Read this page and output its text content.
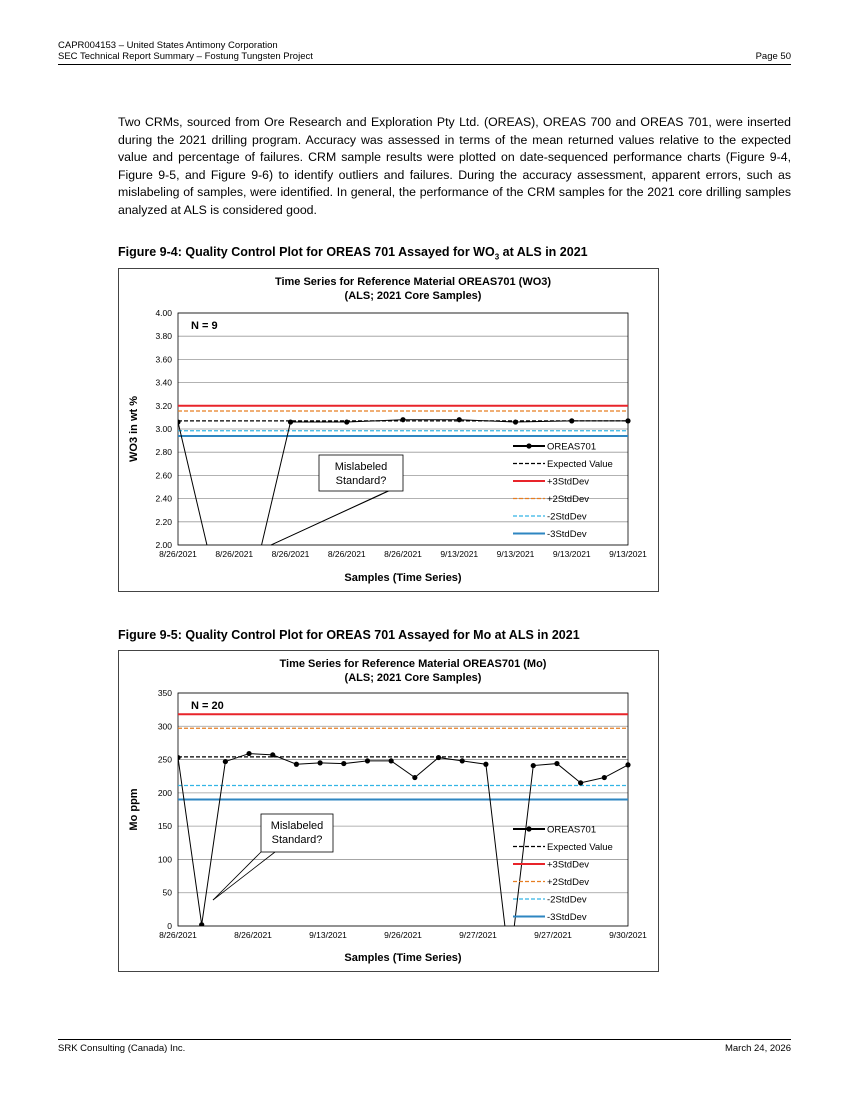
CAPR004153 – United States Antimony Corporation
SEC Technical Report Summary – Fostung Tungsten Project	Page 50
Two CRMs, sourced from Ore Research and Exploration Pty Ltd. (OREAS), OREAS 700 and OREAS 701, were inserted during the 2021 drilling program. Accuracy was assessed in terms of the mean returned values relative to the expected value and percentage of failures. CRM sample results were plotted on date-sequenced performance charts (Figure 9-4, Figure 9-5, and Figure 9-6) to identify outliers and failures. During the accuracy assessment, apparent errors, such as mislabeling of samples, were identified. In general, the performance of the CRM samples for the 2021 core drilling samples analyzed at ALS is considered good.
Figure 9-4: Quality Control Plot for OREAS 701 Assayed for $WO_3$ at ALS in 2021
Time Series for Reference Material OREAS701 (WO3)
(ALS; 2021 Core Samples)
2.00
2.20
2.40
2.60
2.80
3.00
3.20
3.40
3.60
3.80
4.00
WO3 in wt %
8/26/2021 8/26/2021 8/26/2021 8/26/2021 8/26/2021 9/13/2021 9/13/2021 9/13/2021 9/13/2021
Samples (Time Series)
N = 9
Mislabeled
Standard?
OREAS701
Expected Value
+3StdDev
+2StdDev
-2StdDev
-3StdDev
Figure 9-5: Quality Control Plot for OREAS 701 Assayed for Mo at ALS in 2021
Time Series for Reference Material OREAS701 (Mo)
(ALS; 2021 Core Samples)
0
50
100
150
200
250
300
350
Mo ppm
8/26/2021	8/26/2021	9/13/2021	9/26/2021	9/27/2021	9/27/2021	9/30/2021
Samples (Time Series)
N = 20
Mislabeled
Standard?
OREAS701
Expected Value
+3StdDev
+2StdDev
-2StdDev
-3StdDev
SRK Consulting (Canada) Inc.	March 24, 2026
